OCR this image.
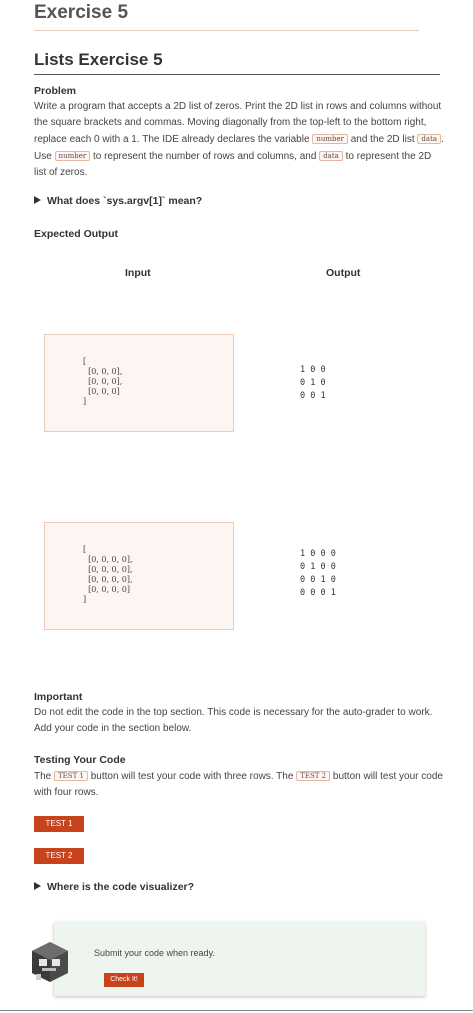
Exercise 5
Lists Exercise 5
Problem
Write a program that accepts a 2D list of zeros. Print the 2D list in rows and columns without the square brackets and commas. Moving diagonally from the top-left to the bottom right, replace each 0 with a 1. The IDE already declares the variable number and the 2D list data . Use number to represent the number of rows and columns, and data to represent the 2D list of zeros.
What does `sys.argv[1]` mean?
Expected Output
Input	Output
[
[0, 0, 0],
[0, 0, 0],
[0, 0, 0]
]
1 0 0
0 1 0
0 0 1
[
[0, 0, 0, 0],
[0, 0, 0, 0],
[0, 0, 0, 0],
[0, 0, 0, 0]
]
1 0 0 0
0 1 0 0
0 0 1 0
0 0 0 1
Important
Do not edit the code in the top section. This code is necessary for the auto-grader to work. Add your code in the section below.
Testing Your Code
The TEST 1 button will test your code with three rows. The TEST 2 button will test your code with four rows.
TEST 1
TEST 2
Where is the code visualizer?
Submit your code when ready.
Check It!
